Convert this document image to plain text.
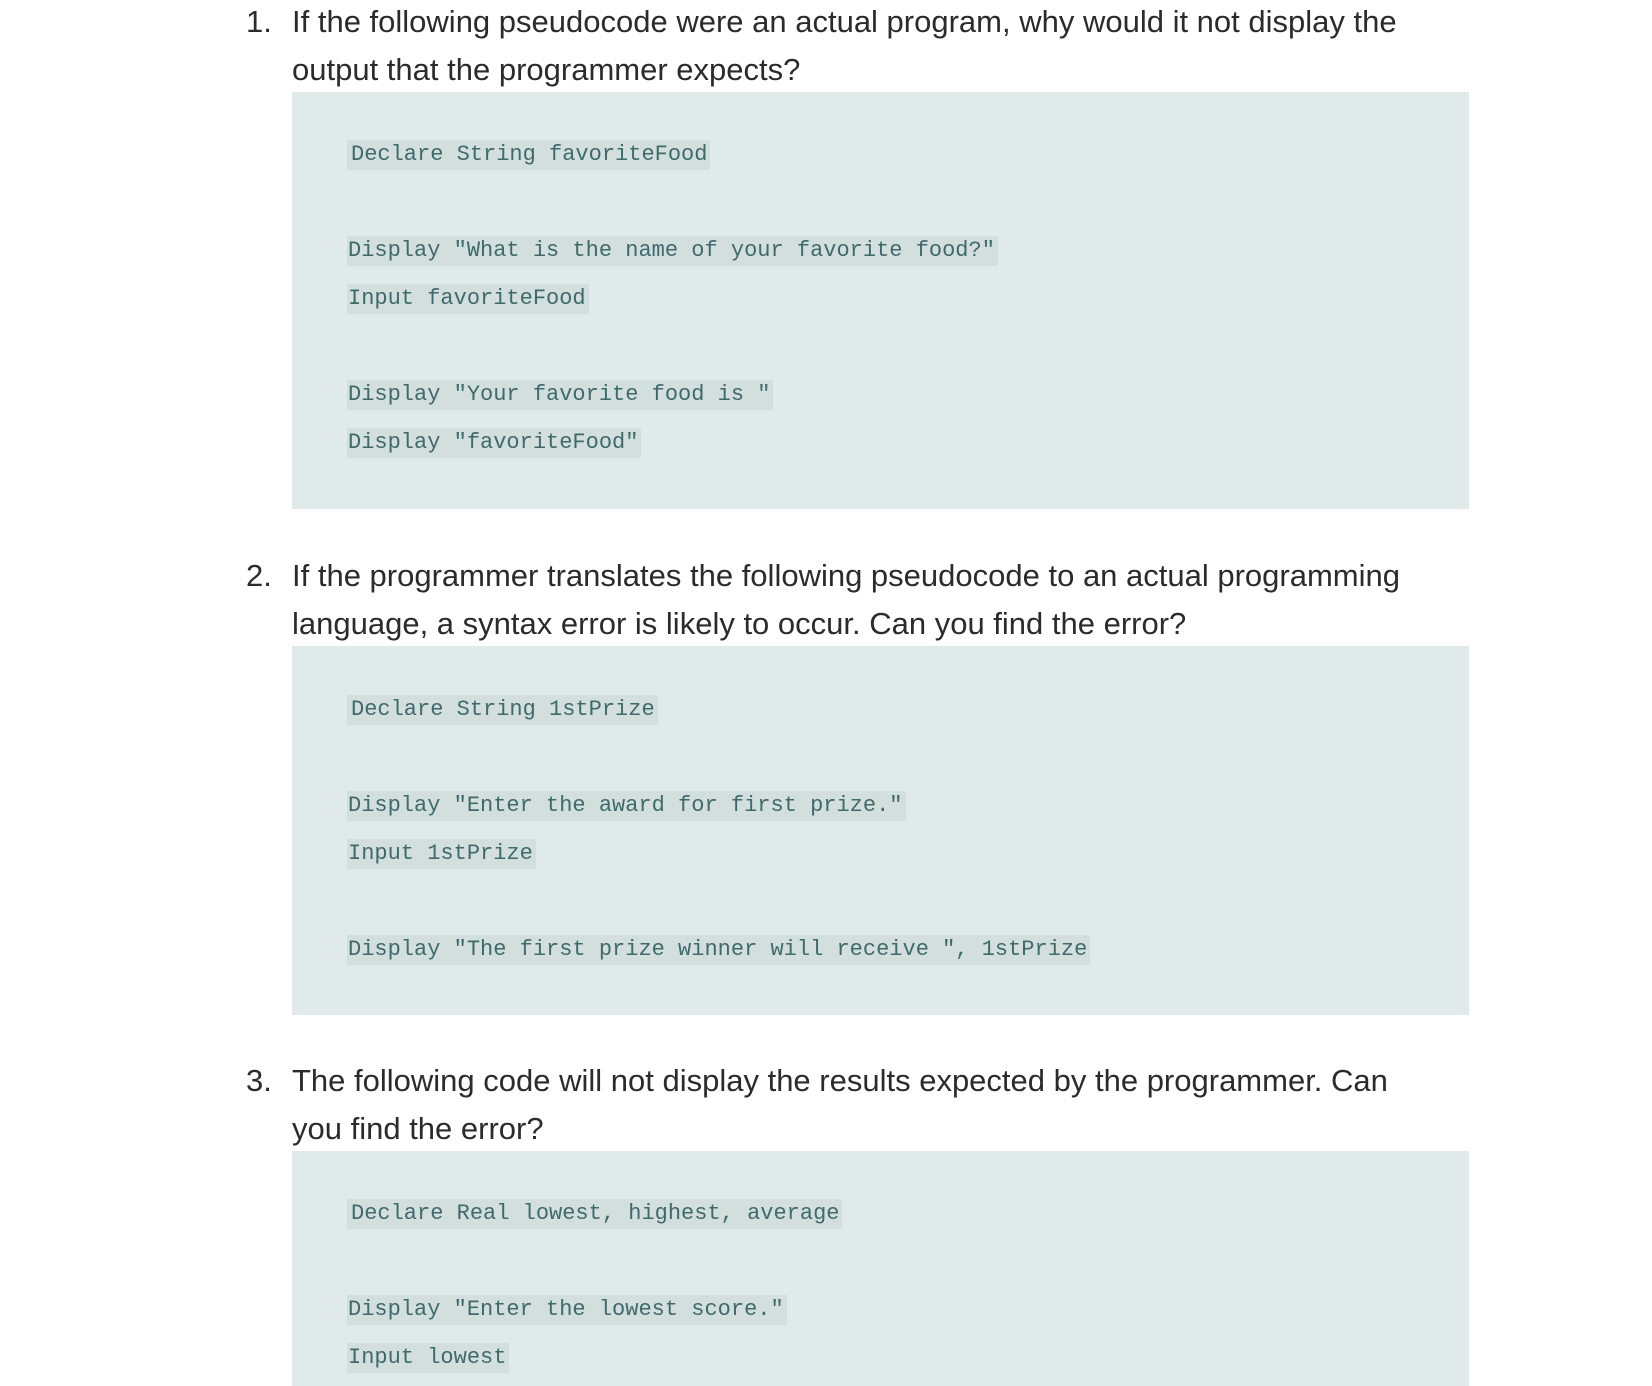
1. If the following pseudocode were an actual program, why would it not display the
output that the programmer expects?
Declare String favoriteFood
Display "What is the name of your favorite food?"
Input favoriteFood
Display "Your favorite food is "
Display "favoriteFood"
2. If the programmer translates the following pseudocode to an actual programming
language, a syntax error is likely to occur. Can you find the error?
Declare String 1stPrize
Display "Enter the award for first prize."
Input 1stPrize
Display "The first prize winner will receive ", 1stPrize
3. The following code will not display the results expected by the programmer. Can
you find the error?
Declare Real lowest, highest, average
Display "Enter the lowest score."
Input lowest
